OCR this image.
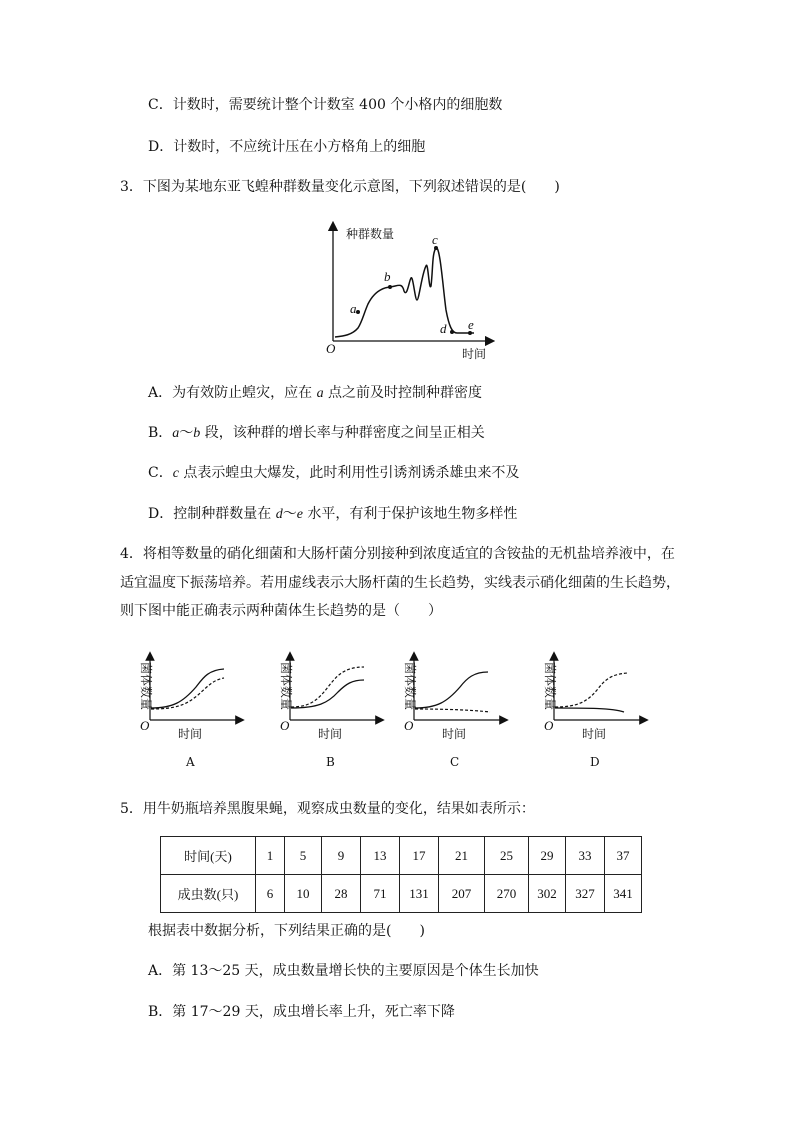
C．计数时，需要统计整个计数室 400 个小格内的细胞数
D．计数时，不应统计压在小方格角上的细胞
3．下图为某地东亚飞蝗种群数量变化示意图，下列叙述错误的是(　　)
种群数量
时间
O
a
b
c
d e
A．为有效防止蝗灾，应在 a 点之前及时控制种群密度
B．a～b 段，该种群的增长率与种群密度之间呈正相关
C．c 点表示蝗虫大爆发，此时利用性引诱剂诱杀雄虫来不及
D．控制种群数量在 d～e 水平，有利于保护该地生物多样性
4．将相等数量的硝化细菌和大肠杆菌分别接种到浓度适宜的含铵盐的无机盐培养液中，在
适宜温度下振荡培养。若用虚线表示大肠杆菌的生长趋势，实线表示硝化细菌的生长趋势，
则下图中能正确表示两种菌体生长趋势的是（　　）
菌体数量
O
时间
A
菌体数量
O
时间
B
菌体数量
O
时间
C
菌体数量
O
时间
D
5．用牛奶瓶培养黑腹果蝇，观察成虫数量的变化，结果如表所示：
时间(天)	1	5	9	13	17	21	25	29	33	37
成虫数(只)	6	10	28	71	131	207	270	302	327	341
根据表中数据分析，下列结果正确的是(　　)
A．第 13～25 天，成虫数量增长快的主要原因是个体生长加快
B．第 17～29 天，成虫增长率上升，死亡率下降
